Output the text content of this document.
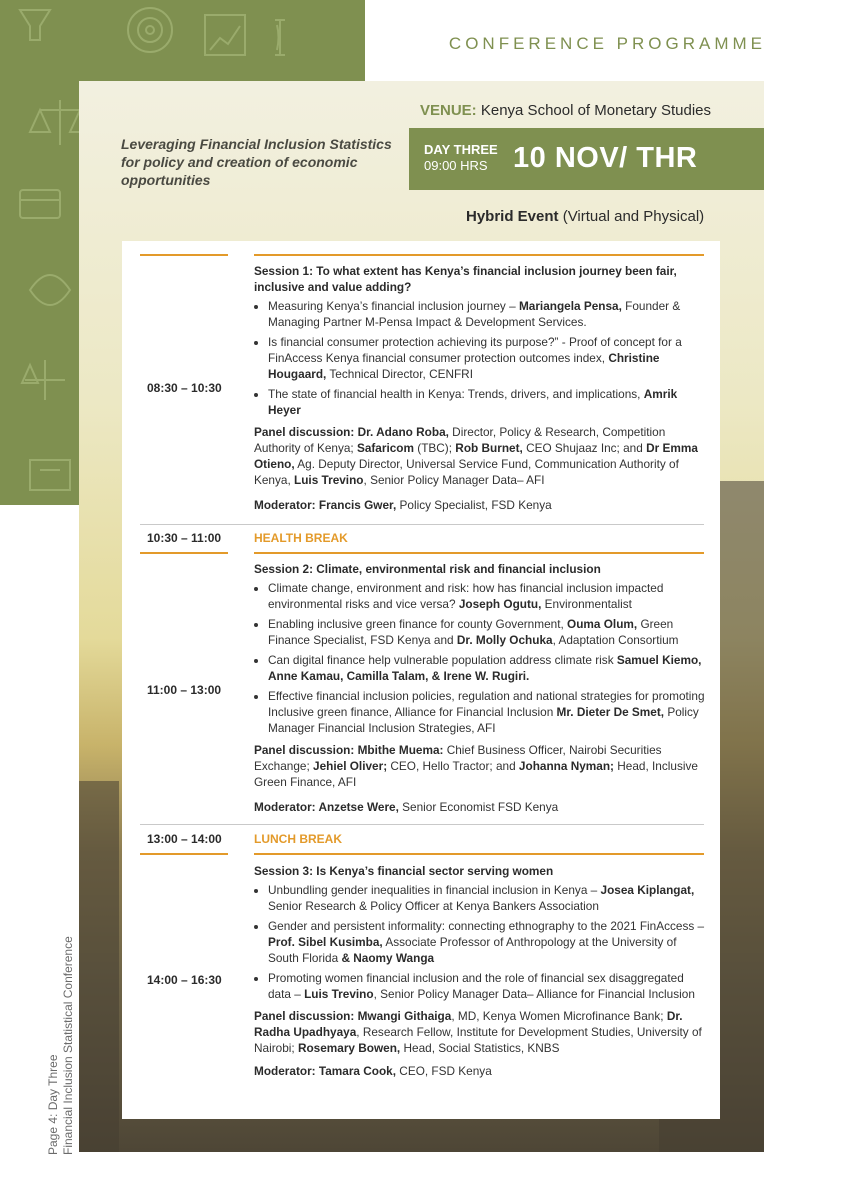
CONFERENCE PROGRAMME
VENUE: Kenya School of Monetary Studies
Leveraging Financial Inclusion Statistics for policy and creation of economic opportunities
DAY THREE
09:00 HRS 10 NOV/ THR
Hybrid Event (Virtual and Physical)
08:30 – 10:30
Session 1: To what extent has Kenya’s financial inclusion journey been fair, inclusive and value adding?
• Measuring Kenya’s financial inclusion journey – Mariangela Pensa, Founder & Managing Partner M-Pensa Impact & Development Services.
• Is financial consumer protection achieving its purpose?” - Proof of concept for a FinAccess Kenya financial consumer protection outcomes index, Christine Hougaard, Technical Director, CENFRI
• The state of financial health in Kenya: Trends, drivers, and implications, Amrik Heyer
Panel discussion: Dr. Adano Roba, Director, Policy & Research, Competition Authority of Kenya; Safaricom (TBC); Rob Burnet, CEO Shujaaz Inc; and Dr Emma Otieno, Ag. Deputy Director, Universal Service Fund, Communication Authority of Kenya, Luis Trevino, Senior Policy Manager Data– AFI
Moderator: Francis Gwer, Policy Specialist, FSD Kenya
10:30 – 11:00	HEALTH BREAK
11:00 – 13:00
Session 2: Climate, environmental risk and financial inclusion
• Climate change, environment and risk: how has financial inclusion impacted environmental risks and vice versa? Joseph Ogutu, Environmentalist
• Enabling inclusive green finance for county Government, Ouma Olum, Green Finance Specialist, FSD Kenya and Dr. Molly Ochuka, Adaptation Consortium
• Can digital finance help vulnerable population address climate risk Samuel Kiemo, Anne Kamau, Camilla Talam, & Irene W. Rugiri.
• Effective financial inclusion policies, regulation and national strategies for promoting Inclusive green finance, Alliance for Financial Inclusion Mr. Dieter De Smet, Policy Manager Financial Inclusion Strategies, AFI
Panel discussion: Mbithe Muema: Chief Business Officer, Nairobi Securities Exchange; Jehiel Oliver; CEO, Hello Tractor; and Johanna Nyman; Head, Inclusive Green Finance, AFI
Moderator: Anzetse Were, Senior Economist FSD Kenya
13:00 – 14:00	LUNCH BREAK
14:00 – 16:30
Session 3: Is Kenya’s financial sector serving women
• Unbundling gender inequalities in financial inclusion in Kenya – Josea Kiplangat, Senior Research & Policy Officer at Kenya Bankers Association
• Gender and persistent informality: connecting ethnography to the 2021 FinAccess – Prof. Sibel Kusimba, Associate Professor of Anthropology at the University of South Florida & Naomy Wanga
• Promoting women financial inclusion and the role of financial sex disaggregated data – Luis Trevino, Senior Policy Manager Data– Alliance for Financial Inclusion
Panel discussion: Mwangi Githaiga, MD, Kenya Women Microfinance Bank; Dr. Radha Upadhyaya, Research Fellow, Institute for Development Studies, University of Nairobi; Rosemary Bowen, Head, Social Statistics, KNBS
Moderator: Tamara Cook, CEO, FSD Kenya
Page 4: Day Three Financial Inclusion Statistical Conference
